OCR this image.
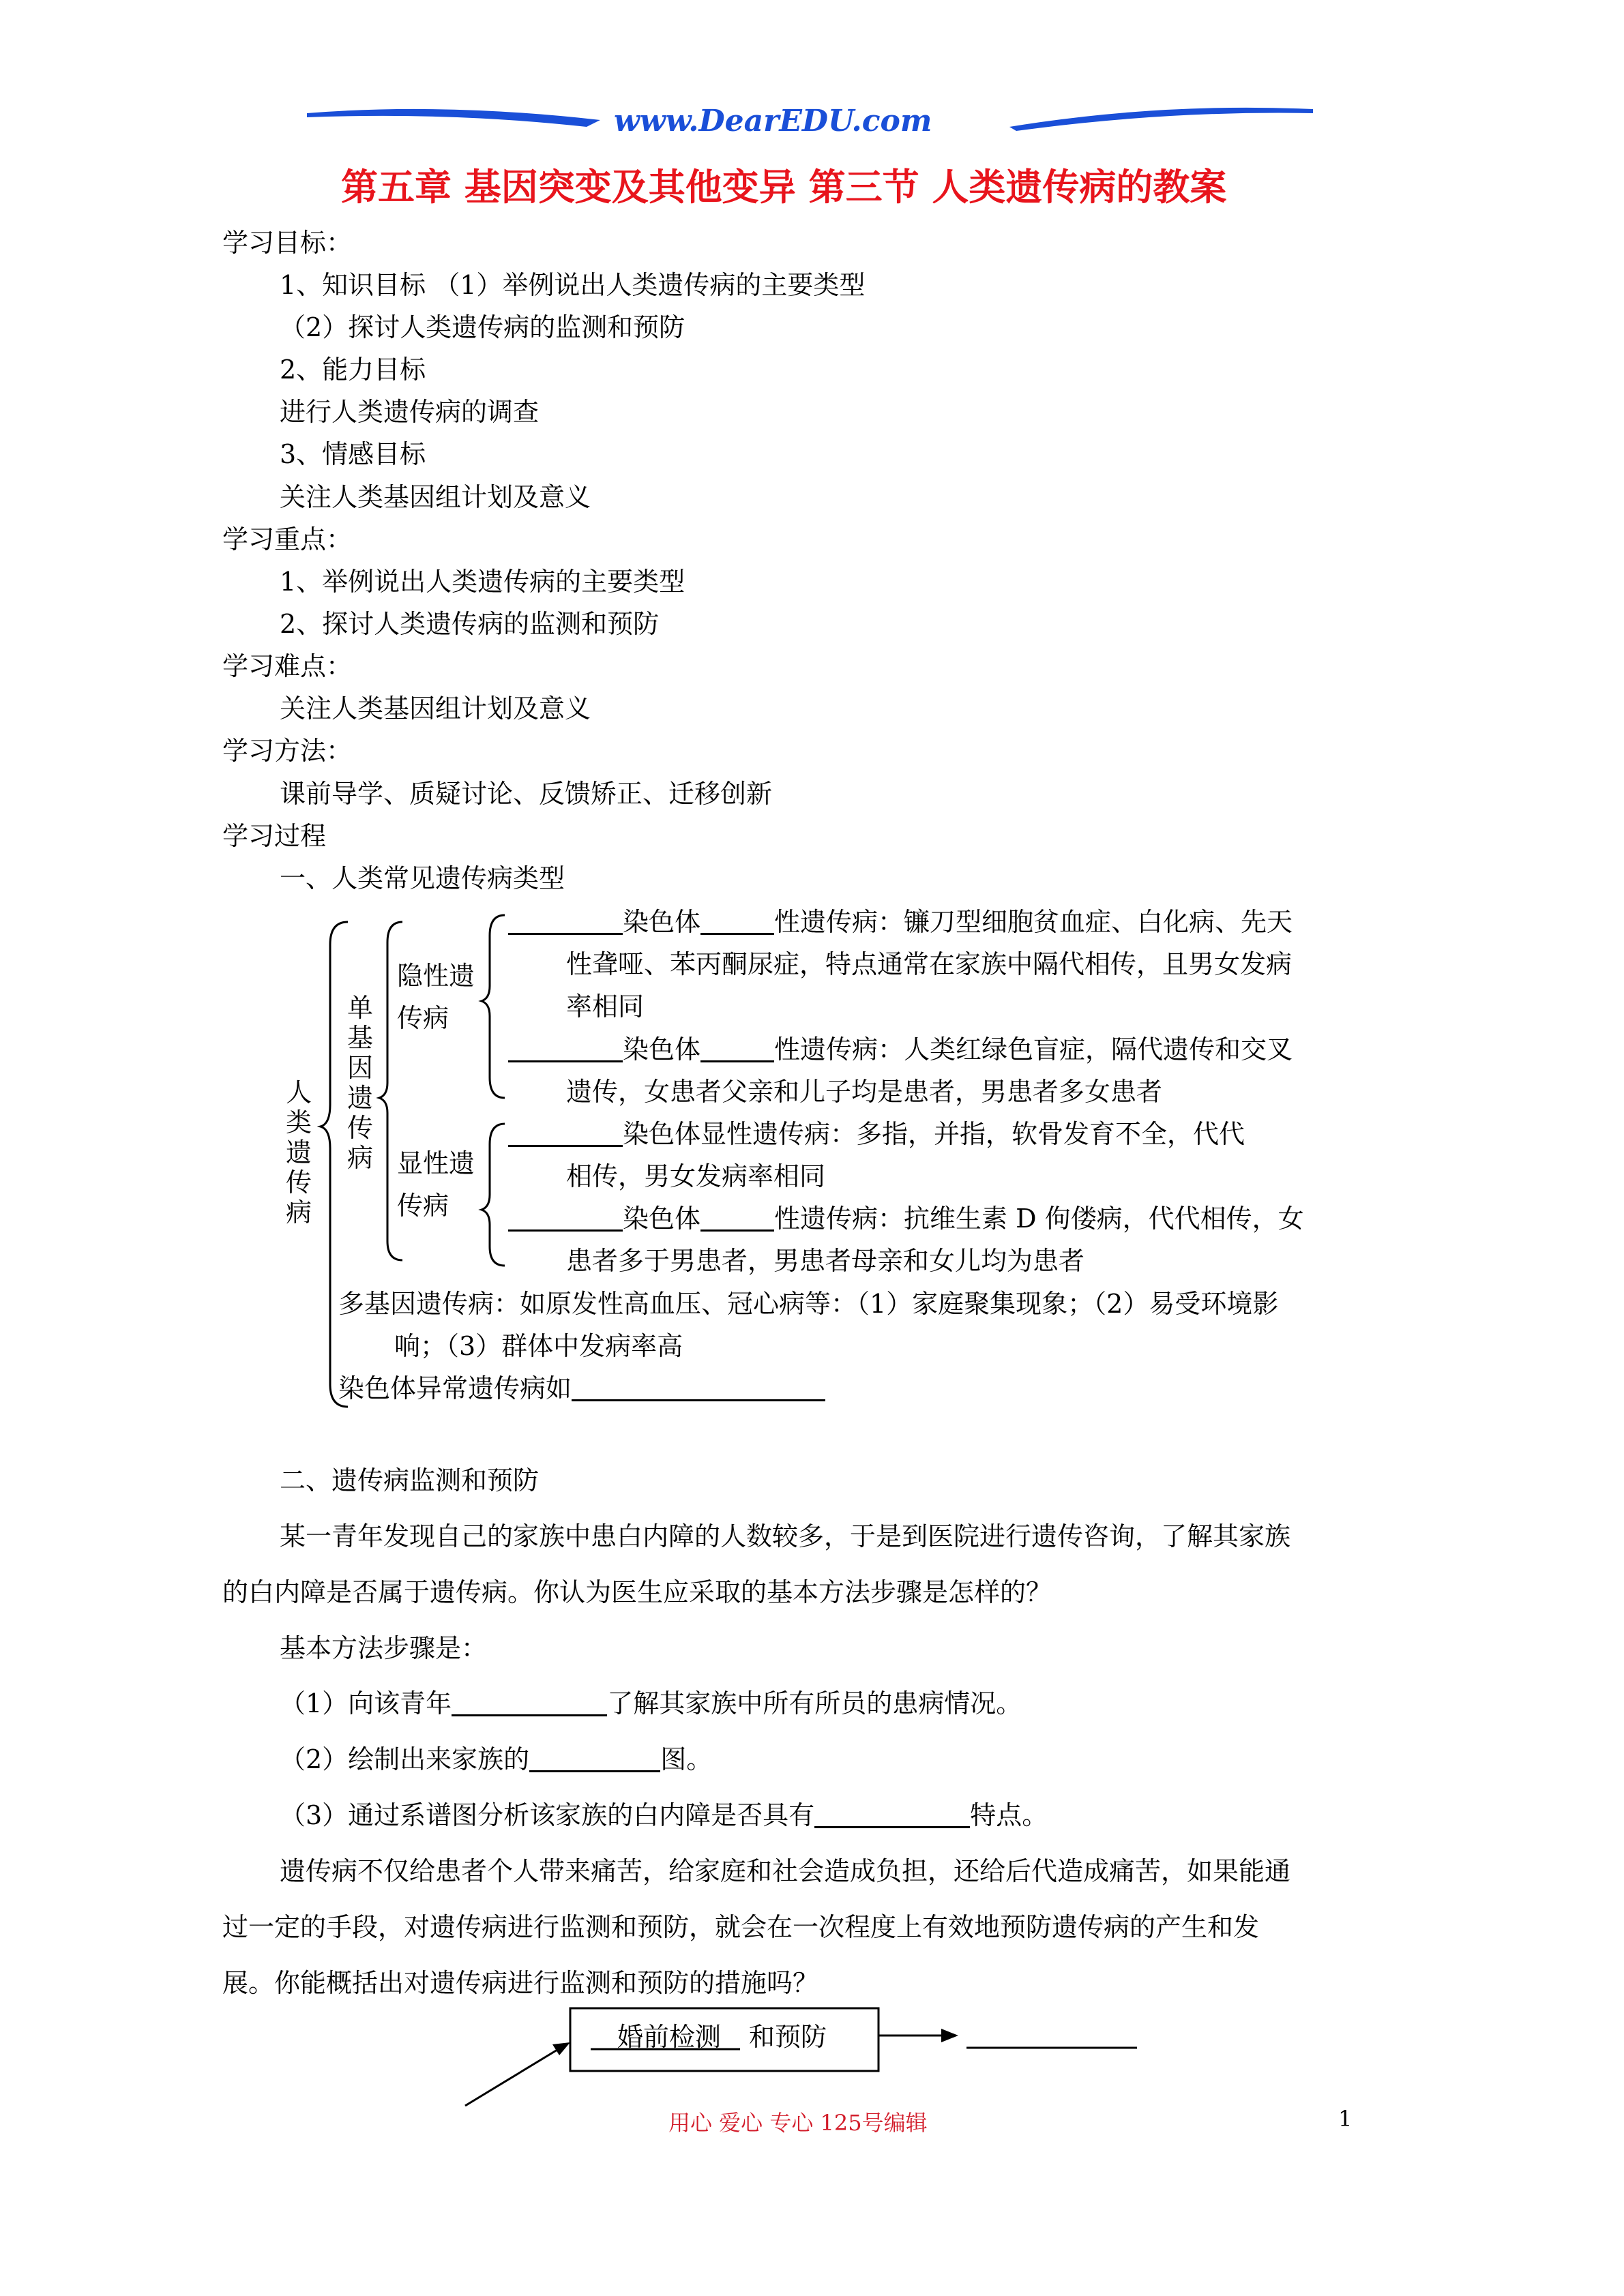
www.DearEDU.com
第五章 基因突变及其他变异 第三节 人类遗传病的教案
学习目标：
1、知识目标 （1）举例说出人类遗传病的主要类型
（2）探讨人类遗传病的监测和预防
2、能力目标
进行人类遗传病的调查
3、情感目标
关注人类基因组计划及意义
学习重点：
1、举例说出人类遗传病的主要类型
2、探讨人类遗传病的监测和预防
学习难点：
关注人类基因组计划及意义
学习方法：
课前导学、质疑讨论、反馈矫正、迁移创新
学习过程
一、人类常见遗传病类型
人类遗传病
单基因遗传病
隐性遗
传病
显性遗
传病
染色体	性遗传病：镰刀型细胞贫血症、白化病、先天
性聋哑、苯丙酮尿症，特点通常在家族中隔代相传，且男女发病
率相同
染色体	性遗传病：人类红绿色盲症，隔代遗传和交叉
遗传，女患者父亲和儿子均是患者，男患者多女患者
染色体显性遗传病：多指，并指，软骨发育不全，代代
相传，男女发病率相同
染色体	性遗传病：抗维生素 D 佝偻病，代代相传，女
患者多于男患者，男患者母亲和女儿均为患者
多基因遗传病：如原发性高血压、冠心病等：（1）家庭聚集现象；（2）易受环境影
响；（3）群体中发病率高
染色体异常遗传病如
二、遗传病监测和预防
某一青年发现自己的家族中患白内障的人数较多，于是到医院进行遗传咨询，了解其家族
的白内障是否属于遗传病。你认为医生应采取的基本方法步骤是怎样的？
基本方法步骤是：
（1）向该青年	了解其家族中所有所员的患病情况。
（2）绘制出来家族的	图。
（3）通过系谱图分析该家族的白内障是否具有	特点。
遗传病不仅给患者个人带来痛苦，给家庭和社会造成负担，还给后代造成痛苦，如果能通
过一定的手段，对遗传病进行监测和预防，就会在一次程度上有效地预防遗传病的产生和发
展。你能概括出对遗传病进行监测和预防的措施吗？
婚前检测 和预防
用心 爱心 专心 125号编辑	1
